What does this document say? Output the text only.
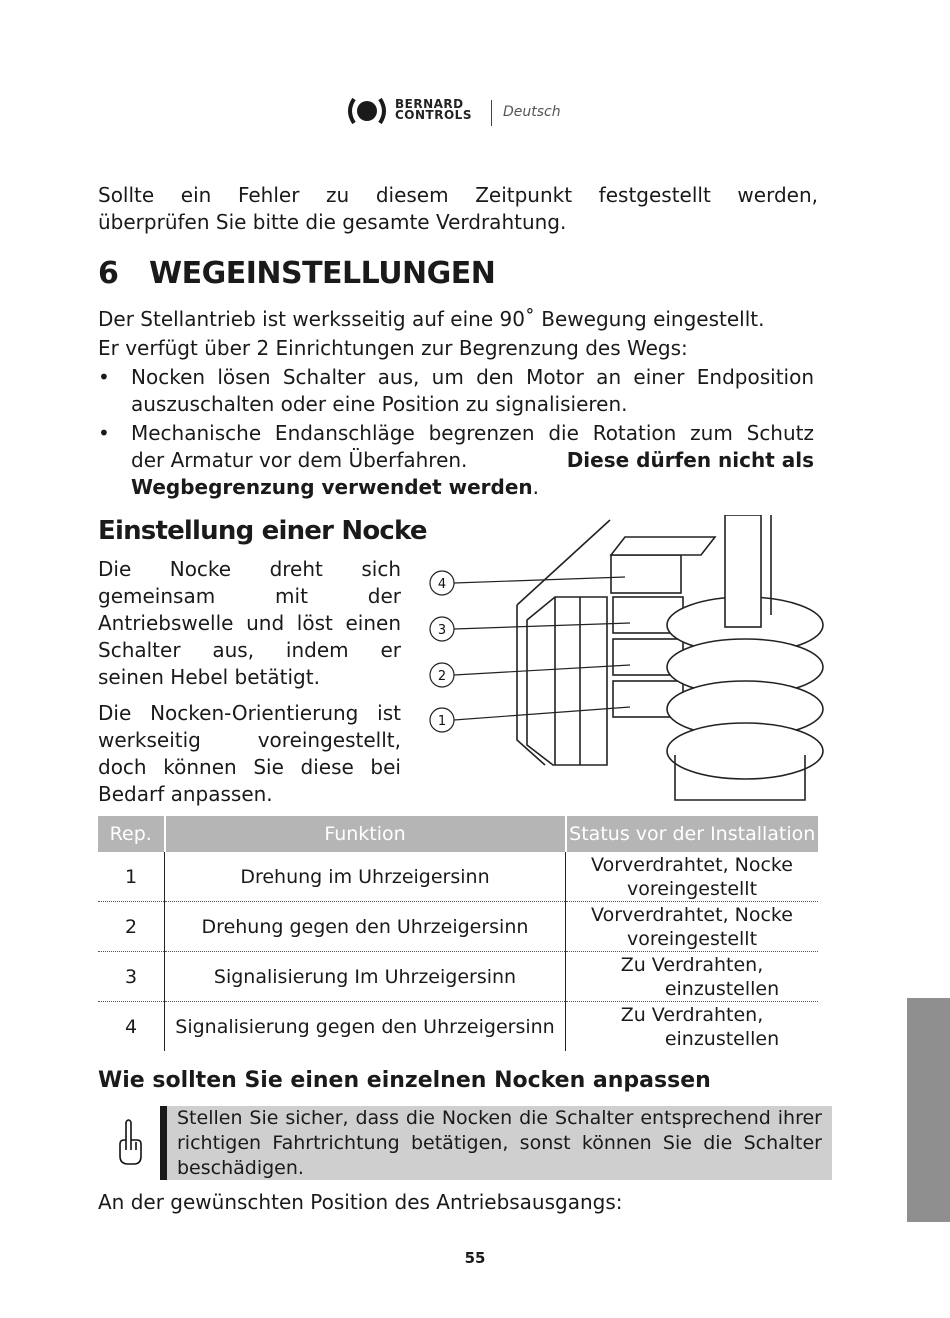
BERNARD
CONTROLS Deutsch
Sollte ein Fehler zu diesem Zeitpunkt festgestellt werden,
überprüfen Sie bitte die gesamte Verdrahtung.
6 WEGEINSTELLUNGEN
Der Stellantrieb ist werksseitig auf eine 90˚ Bewegung eingestellt.
Er verfügt über 2 Einrichtungen zur Begrenzung des Wegs:
•	Nocken lösen Schalter aus, um den Motor an einer Endposition
auszuschalten oder eine Position zu signalisieren.
•	Mechanische Endanschläge begrenzen die Rotation zum Schutz
der Armatur vor dem Überfahren.	Diese dürfen nicht als
Wegbegrenzung verwendet werden.
Einstellung einer Nocke
Die Nocke dreht sich
gemeinsam mit der
Antriebswelle und löst einen
Schalter aus, indem er
seinen Hebel betätigt.
Die Nocken-Orientierung ist
werkseitig voreingestellt,
doch können Sie diese bei
Bedarf anpassen.
4
3
2
1
Rep.	Funktion	Status vor der Installation
1	Drehung im Uhrzeigersinn	Vorverdrahtet, Nocke
voreingestellt

2	Drehung gegen den Uhrzeigersinn	Vorverdrahtet, Nocke
voreingestellt

3	Signalisierung Im Uhrzeigersinn	Zu Verdrahten,
einzustellen

4	Signalisierung gegen den Uhrzeigersinn	Zu Verdrahten,
einzustellen
Wie sollten Sie einen einzelnen Nocken anpassen
Stellen Sie sicher, dass die Nocken die Schalter entsprechend ihrer
richtigen Fahrtrichtung betätigen, sonst können Sie die Schalter
beschädigen.
An der gewünschten Position des Antriebsausgangs:
55
